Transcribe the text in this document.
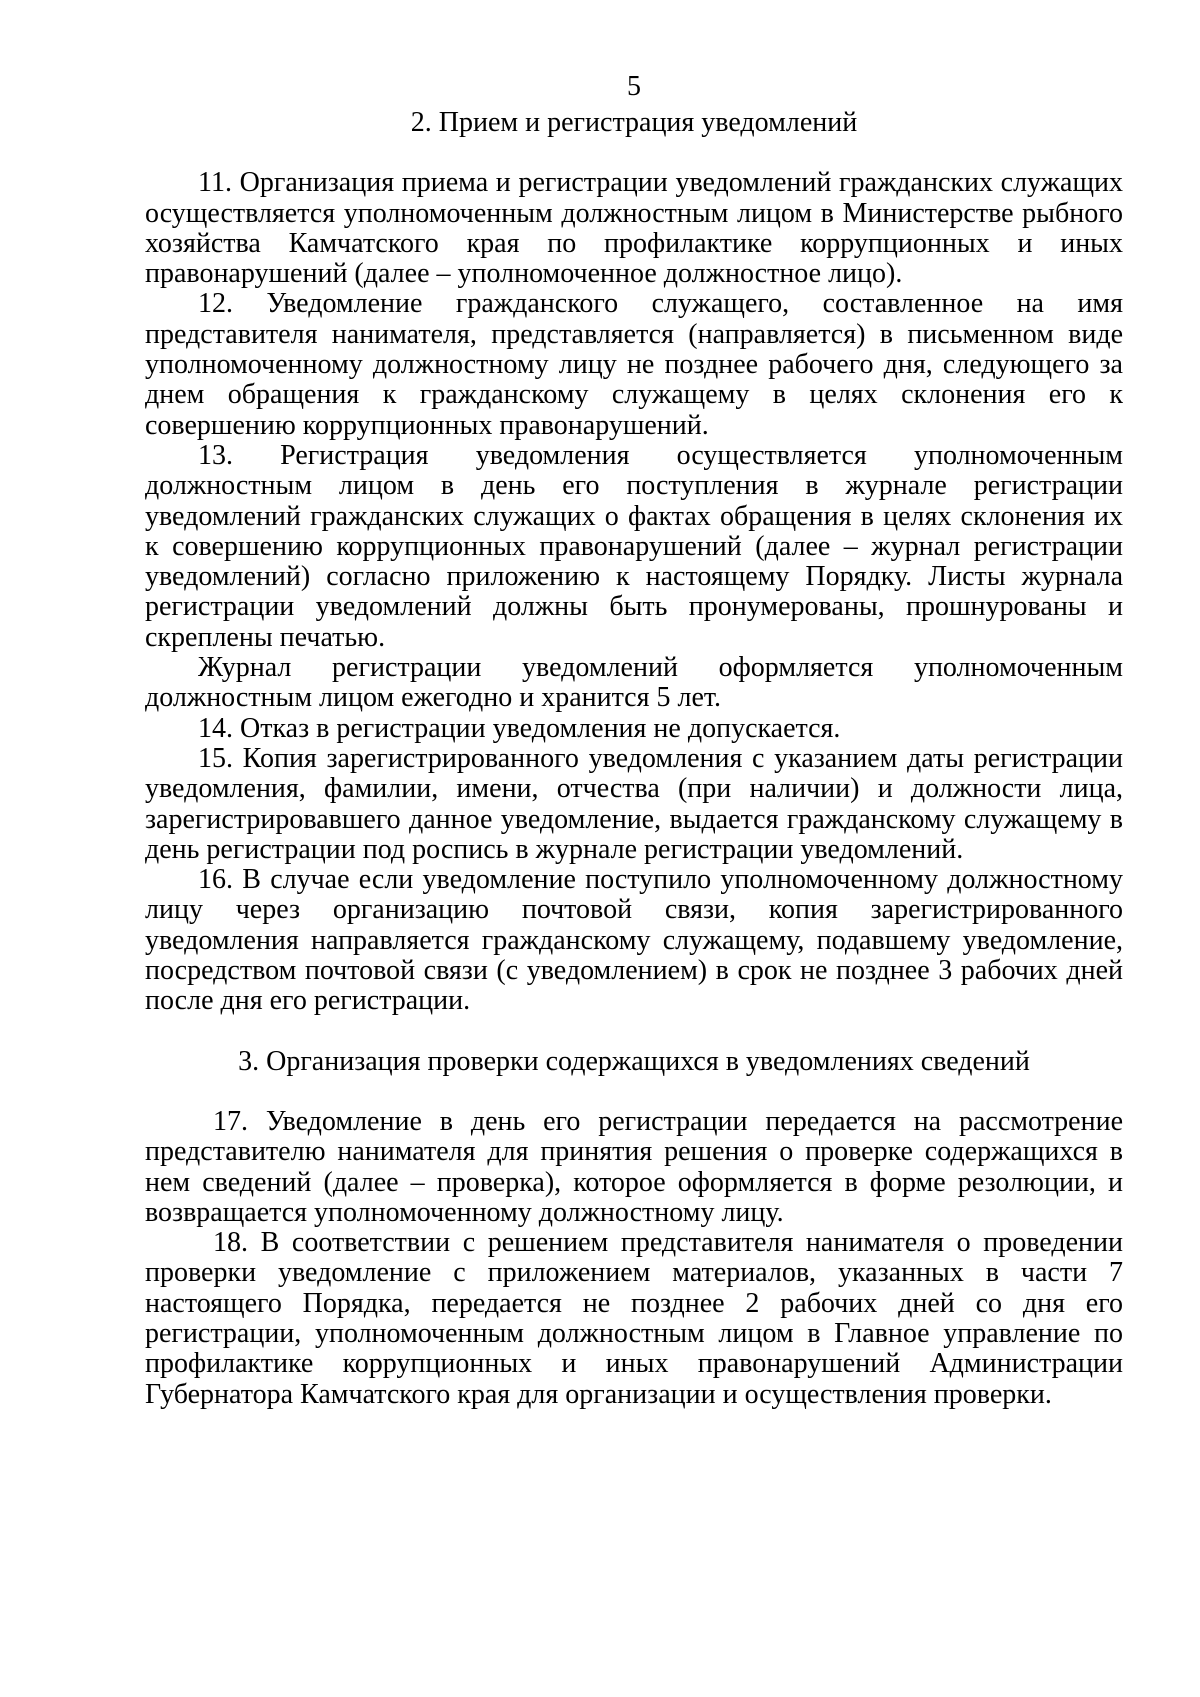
5

2. Прием и регистрация уведомлений

11. Организация приема и регистрации уведомлений гражданских служащих осуществляется уполномоченным должностным лицом в Министерстве рыбного хозяйства Камчатского края по профилактике коррупционных и иных правонарушений (далее – уполномоченное должностное лицо).

12. Уведомление гражданского служащего, составленное на имя представителя нанимателя, представляется (направляется) в письменном виде уполномоченному должностному лицу не позднее рабочего дня, следующего за днем обращения к гражданскому служащему в целях склонения его к совершению коррупционных правонарушений.

13. Регистрация уведомления осуществляется уполномоченным должностным лицом в день его поступления в журнале регистрации уведомлений гражданских служащих о фактах обращения в целях склонения их к совершению коррупционных правонарушений (далее – журнал регистрации уведомлений) согласно приложению к настоящему Порядку. Листы журнала регистрации уведомлений должны быть пронумерованы, прошнурованы и скреплены печатью.

Журнал регистрации уведомлений оформляется уполномоченным должностным лицом ежегодно и хранится 5 лет.

14. Отказ в регистрации уведомления не допускается.

15. Копия зарегистрированного уведомления с указанием даты регистрации уведомления, фамилии, имени, отчества (при наличии) и должности лица, зарегистрировавшего данное уведомление, выдается гражданскому служащему в день регистрации под роспись в журнале регистрации уведомлений.

16. В случае если уведомление поступило уполномоченному должностному лицу через организацию почтовой связи, копия зарегистрированного уведомления направляется гражданскому служащему, подавшему уведомление, посредством почтовой связи (с уведомлением) в срок не позднее 3 рабочих дней после дня его регистрации.

3. Организация проверки содержащихся в уведомлениях сведений

17. Уведомление в день его регистрации передается на рассмотрение представителю нанимателя для принятия решения о проверке содержащихся в нем сведений (далее – проверка), которое оформляется в форме резолюции, и возвращается уполномоченному должностному лицу.

18. В соответствии с решением представителя нанимателя о проведении проверки уведомление с приложением материалов, указанных в части 7 настоящего Порядка, передается не позднее 2 рабочих дней со дня его регистрации, уполномоченным должностным лицом в Главное управление по профилактике коррупционных и иных правонарушений Администрации Губернатора Камчатского края для организации и осуществления проверки.
